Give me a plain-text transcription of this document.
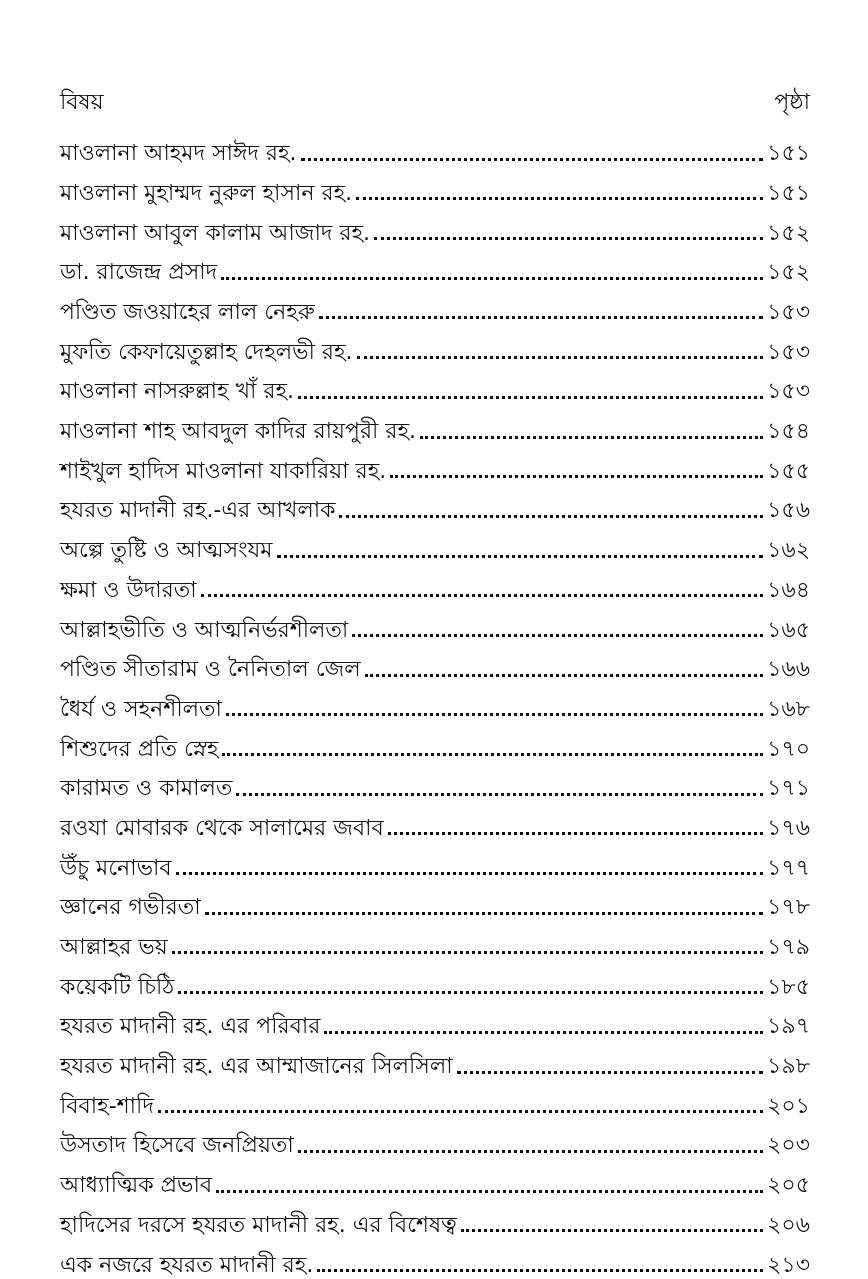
বিষয়	পৃষ্ঠা
মাওলানা আহমদ সাঈদ রহ.	১৫১
মাওলানা মুহাম্মদ নুরুল হাসান রহ.	১৫১
মাওলানা আবুল কালাম আজাদ রহ.	১৫২
ডা. রাজেন্দ্র প্রসাদ	১৫২
পণ্ডিত জওয়াহের লাল নেহরু	১৫৩
মুফতি কেফায়েতুল্লাহ দেহলভী রহ.	১৫৩
মাওলানা নাসরুল্লাহ খাঁ রহ.	১৫৩
মাওলানা শাহ আবদুল কাদির রায়পুরী রহ.	১৫৪
শাইখুল হাদিস মাওলানা যাকারিয়া রহ.	১৫৫
হযরত মাদানী রহ.-এর আখলাক	১৫৬
অল্পে তুষ্টি ও আত্মসংযম	১৬২
ক্ষমা ও উদারতা	১৬৪
আল্লাহভীতি ও আত্মনির্ভরশীলতা	১৬৫
পণ্ডিত সীতারাম ও নৈনিতাল জেল	১৬৬
ধৈর্য ও সহনশীলতা	১৬৮
শিশুদের প্রতি স্নেহ	১৭০
কারামত ও কামালত	১৭১
রওযা মোবারক থেকে সালামের জবাব	১৭৬
উঁচু মনোভাব	১৭৭
জ্ঞানের গভীরতা	১৭৮
আল্লাহর ভয়	১৭৯
কয়েকটি চিঠি	১৮৫
হযরত মাদানী রহ. এর পরিবার	১৯৭
হযরত মাদানী রহ. এর আম্মাজানের সিলসিলা	১৯৮
বিবাহ-শাদি	২০১
উসতাদ হিসেবে জনপ্রিয়তা	২০৩
আধ্যাত্মিক প্রভাব	২০৫
হাদিসের দরসে হযরত মাদানী রহ. এর বিশেষত্ব	২০৬
এক নজরে হযরত মাদানী রহ.	২১৩
